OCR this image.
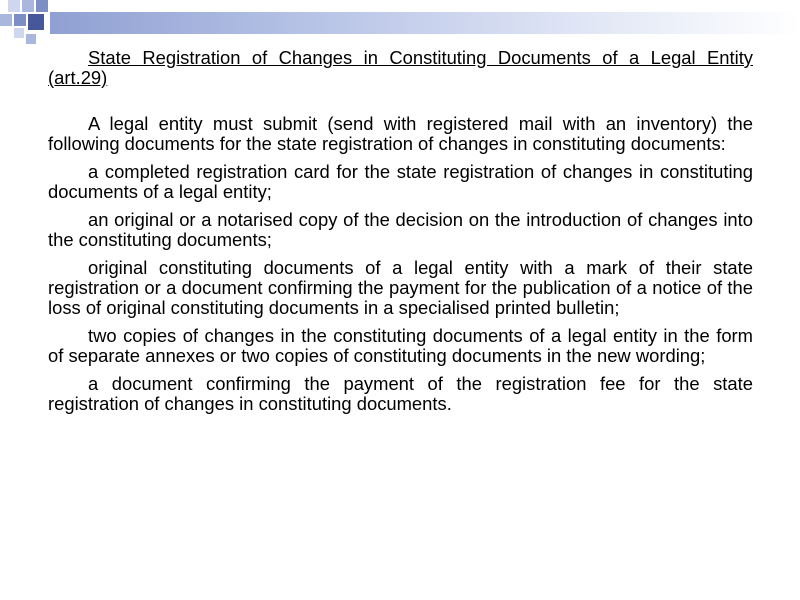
State Registration of Changes in Constituting Documents of a Legal Entity (art.29)

A legal entity must submit (send with registered mail with an inventory) the following documents for the state registration of changes in constituting documents:

a completed registration card for the state registration of changes in constituting documents of a legal entity;
an original or a notarised copy of the decision on the introduction of changes into the constituting documents;
original constituting documents of a legal entity with a mark of their state registration or a document confirming the payment for the publication of a notice of the loss of original constituting documents in a specialised printed bulletin;
two copies of changes in the constituting documents of a legal entity in the form of separate annexes or two copies of constituting documents in the new wording;
a document confirming the payment of the registration fee for the state registration of changes in constituting documents.
